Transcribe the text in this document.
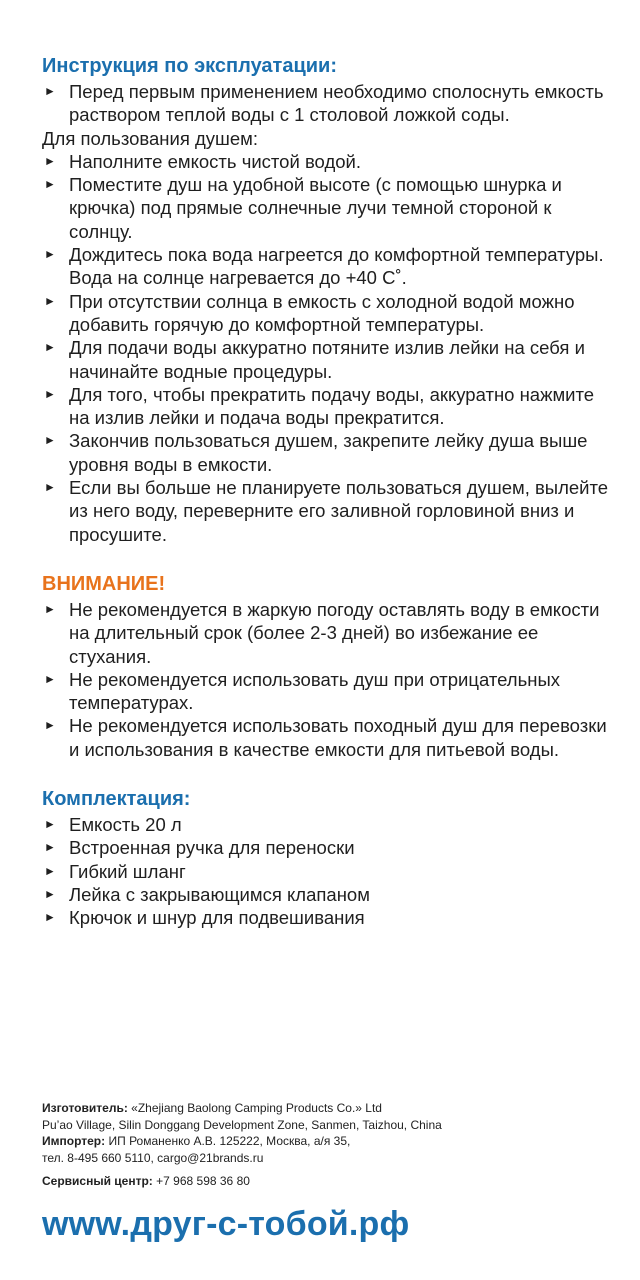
Инструкция по эксплуатации:
► Перед первым применением необходимо сполоснуть емкость раствором теплой воды с 1 столовой ложкой соды.

Для пользования душем:

► Наполните емкость чистой водой.
► Поместите душ на удобной высоте (с помощью шнурка и крючка) под прямые солнечные лучи темной стороной к солнцу.
► Дождитесь пока вода нагреется до комфортной температуры. Вода на солнце нагревается до +40 С˚.
► При отсутствии солнца в емкость с холодной водой можно добавить горячую до комфортной температуры.
► Для подачи воды аккуратно потяните излив лейки на себя и начинайте водные процедуры.
► Для того, чтобы прекратить подачу воды, аккуратно нажмите на излив лейки и подача воды прекратится.
► Закончив пользоваться душем, закрепите лейку душа выше уровня воды в емкости.
► Если вы больше не планируете пользоваться душем, вылейте из него воду, переверните его заливной горловиной вниз и просушите.
ВНИМАНИЕ!
► Не рекомендуется в жаркую погоду оставлять воду в емкости на длительный срок (более 2-3 дней) во избежание ее стухания.
► Не рекомендуется использовать душ при отрицательных температурах.
► Не рекомендуется использовать походный душ для перевозки и использования в качестве емкости для питьевой воды.
Комплектация:
► Емкость 20 л
► Встроенная ручка для переноски
► Гибкий шланг
► Лейка с закрывающимся клапаном
► Крючок и шнур для подвешивания

Изготовитель: «Zhejiang Baolong Camping Products Co.» Ltd

Pu’ao Village, Silin Donggang Development Zone, Sanmen, Taizhou, China

Импортер: ИП Романенко А.В. 125222, Москва, а/я 35,

тел. 8-495 660 5110, cargo@21brands.ru

Сервисный центр: +7 968 598 36 80

www.друг-с-тобой.рф
